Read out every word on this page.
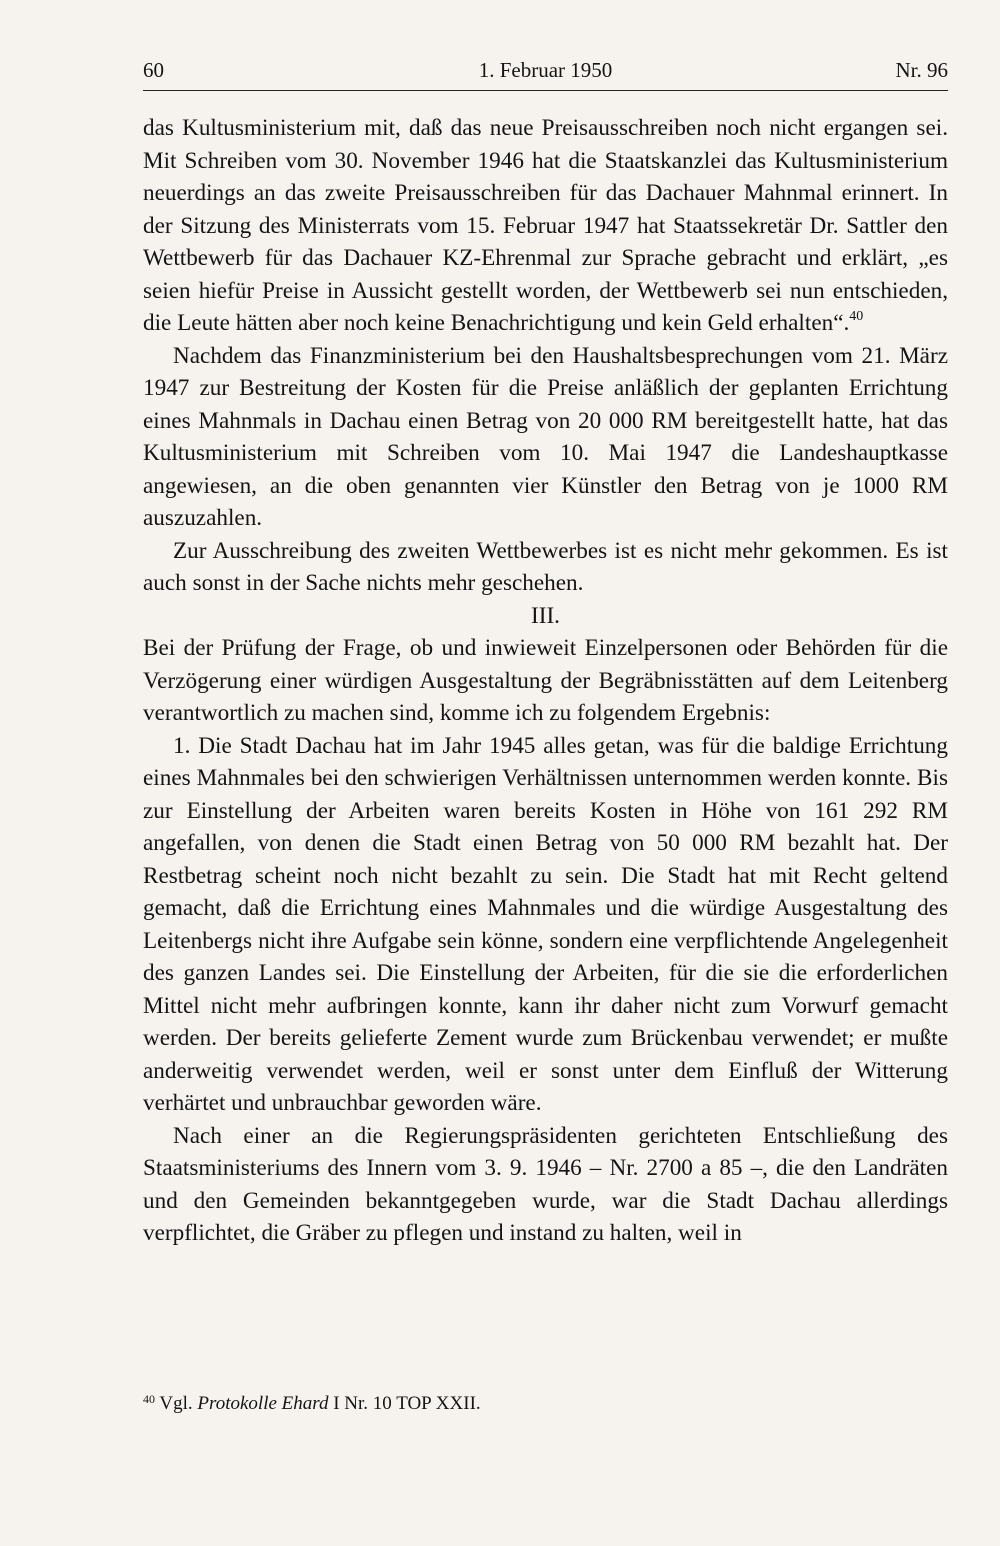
60	1. Februar 1950	Nr. 96

das Kultusministerium mit, daß das neue Preisausschreiben noch nicht ergangen sei. Mit Schreiben vom 30. November 1946 hat die Staatskanzlei das Kultusministerium neuerdings an das zweite Preisausschreiben für das Dachauer Mahnmal erinnert. In der Sitzung des Ministerrats vom 15. Februar 1947 hat Staatssekretär Dr. Sattler den Wettbewerb für das Dachauer KZ-Ehrenmal zur Sprache gebracht und erklärt, „es seien hiefür Preise in Aussicht gestellt worden, der Wettbewerb sei nun entschieden, die Leute hätten aber noch keine Benachrichtigung und kein Geld erhalten“.$^{40}$

Nachdem das Finanzministerium bei den Haushaltsbesprechungen vom 21. März 1947 zur Bestreitung der Kosten für die Preise anläßlich der geplanten Errichtung eines Mahnmals in Dachau einen Betrag von 20 000 RM bereitgestellt hatte, hat das Kultusministerium mit Schreiben vom 10. Mai 1947 die Landeshauptkasse angewiesen, an die oben genannten vier Künstler den Betrag von je 1000 RM auszuzahlen.

Zur Ausschreibung des zweiten Wettbewerbes ist es nicht mehr gekommen. Es ist auch sonst in der Sache nichts mehr geschehen.

III.

Bei der Prüfung der Frage, ob und inwieweit Einzelpersonen oder Behörden für die Verzögerung einer würdigen Ausgestaltung der Begräbnisstätten auf dem Leitenberg verantwortlich zu machen sind, komme ich zu folgendem Ergebnis:

1. Die Stadt Dachau hat im Jahr 1945 alles getan, was für die baldige Errichtung eines Mahnmales bei den schwierigen Verhältnissen unternommen werden konnte. Bis zur Einstellung der Arbeiten waren bereits Kosten in Höhe von 161 292 RM angefallen, von denen die Stadt einen Betrag von 50 000 RM bezahlt hat. Der Restbetrag scheint noch nicht bezahlt zu sein. Die Stadt hat mit Recht geltend gemacht, daß die Errichtung eines Mahnmales und die würdige Ausgestaltung des Leitenbergs nicht ihre Aufgabe sein könne, sondern eine verpflichtende Angelegenheit des ganzen Landes sei. Die Einstellung der Arbeiten, für die sie die erforderlichen Mittel nicht mehr aufbringen konnte, kann ihr daher nicht zum Vorwurf gemacht werden. Der bereits gelieferte Zement wurde zum Brückenbau verwendet; er mußte anderweitig verwendet werden, weil er sonst unter dem Einfluß der Witterung verhärtet und unbrauchbar geworden wäre.

Nach einer an die Regierungspräsidenten gerichteten Entschließung des Staatsministeriums des Innern vom 3. 9. 1946 – Nr. 2700 a 85 –, die den Landräten und den Gemeinden bekanntgegeben wurde, war die Stadt Dachau allerdings verpflichtet, die Gräber zu pflegen und instand zu halten, weil in

$^{40}$ Vgl. Protokolle Ehard I Nr. 10 TOP XXII.
